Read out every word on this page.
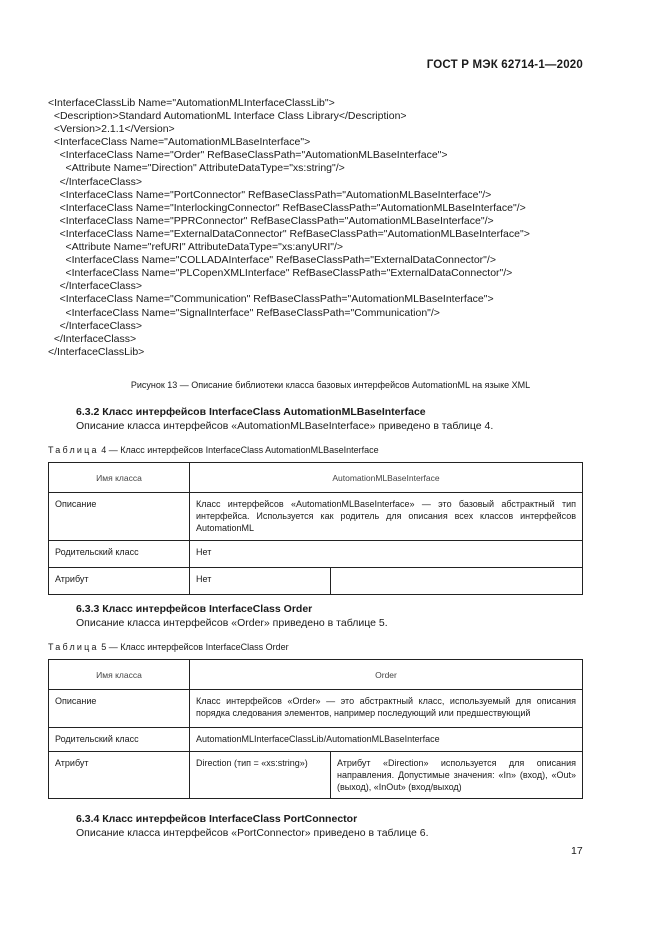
ГОСТ Р МЭК 62714-1—2020
<InterfaceClassLib Name="AutomationMLInterfaceClassLib">
<Description>Standard AutomationML Interface Class Library</Description>
<Version>2.1.1</Version>
<InterfaceClass Name="AutomationMLBaseInterface">
<InterfaceClass Name="Order" RefBaseClassPath="AutomationMLBaseInterface">
<Attribute Name="Direction" AttributeDataType="xs:string"/>
</InterfaceClass>
<InterfaceClass Name="PortConnector" RefBaseClassPath="AutomationMLBaseInterface"/>
<InterfaceClass Name="InterlockingConnector" RefBaseClassPath="AutomationMLBaseInterface"/>
<InterfaceClass Name="PPRConnector" RefBaseClassPath="AutomationMLBaseInterface"/>
<InterfaceClass Name="ExternalDataConnector" RefBaseClassPath="AutomationMLBaseInterface">
<Attribute Name="refURI" AttributeDataType="xs:anyURI"/>
<InterfaceClass Name="COLLADAInterface" RefBaseClassPath="ExternalDataConnector"/>
<InterfaceClass Name="PLCopenXMLInterface" RefBaseClassPath="ExternalDataConnector"/>
</InterfaceClass>
<InterfaceClass Name="Communication" RefBaseClassPath="AutomationMLBaseInterface">
<InterfaceClass Name="SignalInterface" RefBaseClassPath="Communication"/>
</InterfaceClass>
</InterfaceClass>
</InterfaceClassLib>
Рисунок 13 — Описание библиотеки класса базовых интерфейсов AutomationML на языке XML
6.3.2 Класс интерфейсов InterfaceClass AutomationMLBaseInterface
Описание класса интерфейсов «AutomationMLBaseInterface» приведено в таблице 4.
Таблица 4 — Класс интерфейсов InterfaceClass AutomationMLBaseInterface
Имя класса	AutomationMLBaseInterface	
Описание	Класс интерфейсов «AutomationMLBaseInterface» — это базовый абстрактный тип интерфейса. Используется как родитель для описания всех классов интерфейсов AutomationML	
Родительский класс	Нет	
Атрибут	Нет	
6.3.3 Класс интерфейсов InterfaceClass Order
Описание класса интерфейсов «Order» приведено в таблице 5.
Таблица 5 — Класс интерфейсов InterfaceClass Order
Имя класса	Order	
Описание	Класс интерфейсов «Order» — это абстрактный класс, используемый для описания порядка следования элементов, например последующий или предшествующий	
Родительский класс	AutomationMLInterfaceClassLib/AutomationMLBaseInterface	
Атрибут	Direction (тип = «xs:string»)	Атрибут «Direction» используется для описания направления. Допустимые значения: «In» (вход), «Out» (выход), «InOut» (вход/выход)
6.3.4 Класс интерфейсов InterfaceClass PortConnector
Описание класса интерфейсов «PortConnector» приведено в таблице 6.
17
